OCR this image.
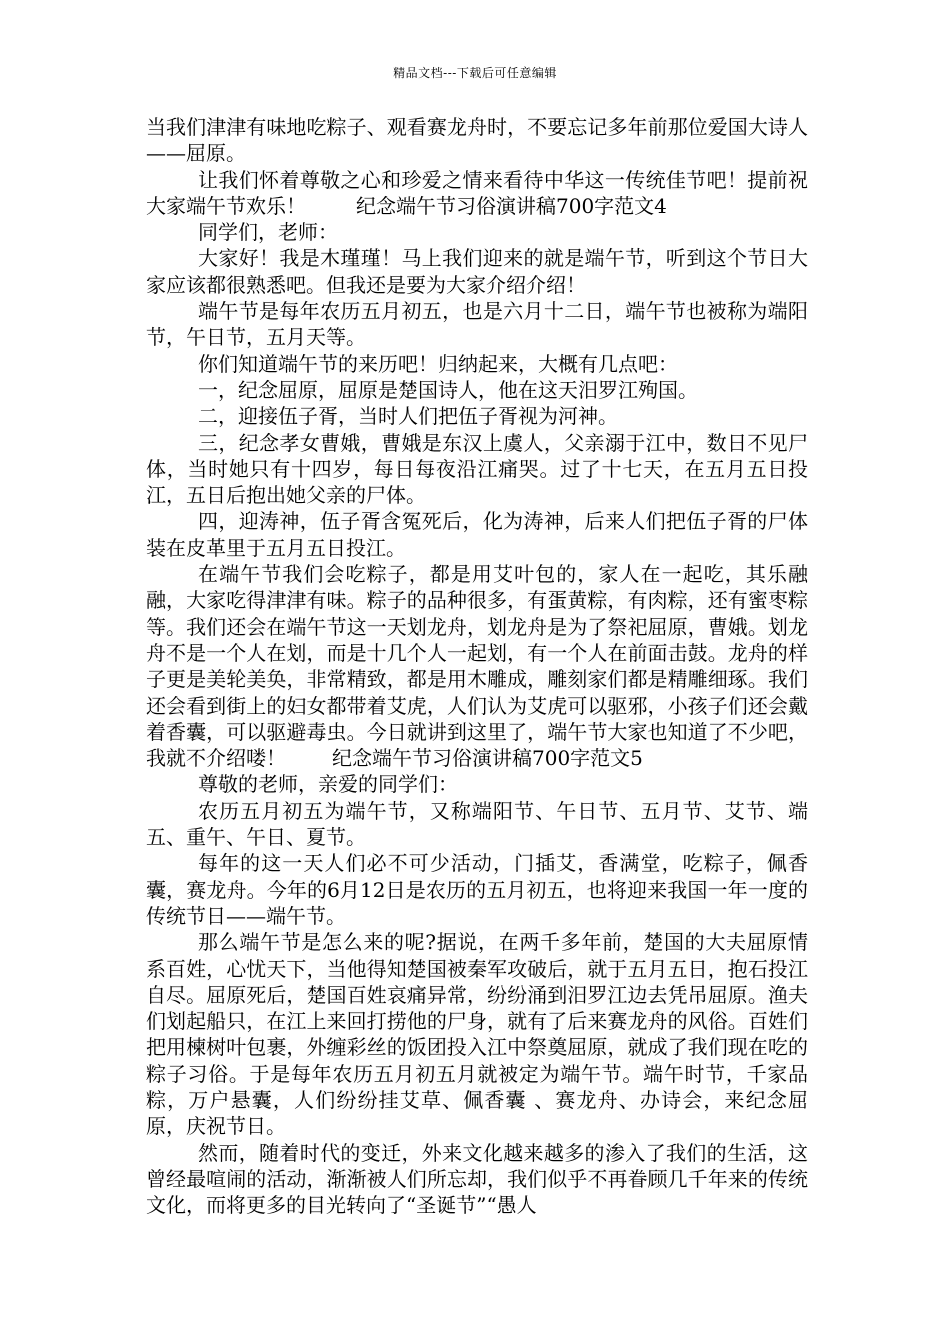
精品文档---下载后可任意编辑

当我们津津有味地吃粽子、观看赛龙舟时，不要忘记多年前那位爱国大诗人——屈原。

让我们怀着尊敬之心和珍爱之情来看待中华这一传统佳节吧！提前祝大家端午节欢乐！	纪念端午节习俗演讲稿700字范文4

同学们，老师：

大家好！我是木瑾瑾！马上我们迎来的就是端午节，听到这个节日大家应该都很熟悉吧。但我还是要为大家介绍介绍！

端午节是每年农历五月初五，也是六月十二日，端午节也被称为端阳节，午日节，五月天等。

你们知道端午节的来历吧！归纳起来，大概有几点吧：

一，纪念屈原，屈原是楚国诗人，他在这天汨罗江殉国。

二，迎接伍子胥，当时人们把伍子胥视为河神。

三，纪念孝女曹娥，曹娥是东汉上虞人，父亲溺于江中，数日不见尸体，当时她只有十四岁，每日每夜沿江痛哭。过了十七天，在五月五日投江，五日后抱出她父亲的尸体。

四，迎涛神，伍子胥含冤死后，化为涛神，后来人们把伍子胥的尸体装在皮革里于五月五日投江。

在端午节我们会吃粽子，都是用艾叶包的，家人在一起吃，其乐融融，大家吃得津津有味。粽子的品种很多，有蛋黄粽，有肉粽，还有蜜枣粽等。我们还会在端午节这一天划龙舟，划龙舟是为了祭祀屈原，曹娥。划龙舟不是一个人在划，而是十几个人一起划，有一个人在前面击鼓。龙舟的样子更是美轮美奂，非常精致，都是用木雕成，雕刻家们都是精雕细琢。我们还会看到街上的妇女都带着艾虎，人们认为艾虎可以驱邪，小孩子们还会戴着香囊，可以驱避毒虫。今日就讲到这里了，端午节大家也知道了不少吧，我就不介绍喽！ 纪念端午节习俗演讲稿700字范文5

尊敬的老师，亲爱的同学们：

农历五月初五为端午节，又称端阳节、午日节、五月节、艾节、端五、重午、午日、夏节。

每年的这一天人们必不可少活动，门插艾，香满堂，吃粽子，佩香囊，赛龙舟。今年的6月12日是农历的五月初五，也将迎来我国一年一度的传统节日——端午节。

那么端午节是怎么来的呢?据说，在两千多年前，楚国的大夫屈原情系百姓，心忧天下，当他得知楚国被秦军攻破后，就于五月五日，抱石投江自尽。屈原死后，楚国百姓哀痛异常，纷纷涌到汨罗江边去凭吊屈原。渔夫们划起船只，在江上来回打捞他的尸身，就有了后来赛龙舟的风俗。百姓们把用楝树叶包裹，外缠彩丝的饭团投入江中祭奠屈原，就成了我们现在吃的粽子习俗。于是每年农历五月初五月就被定为端午节。端午时节，千家品粽，万户悬囊，人们纷纷挂艾草、佩香囊 、赛龙舟、办诗会，来纪念屈原，庆祝节日。

然而，随着时代的变迁，外来文化越来越多的渗入了我们的生活，这曾经最喧闹的活动，渐渐被人们所忘却，我们似乎不再眷顾几千年来的传统文化，而将更多的目光转向了“圣诞节”“愚人
